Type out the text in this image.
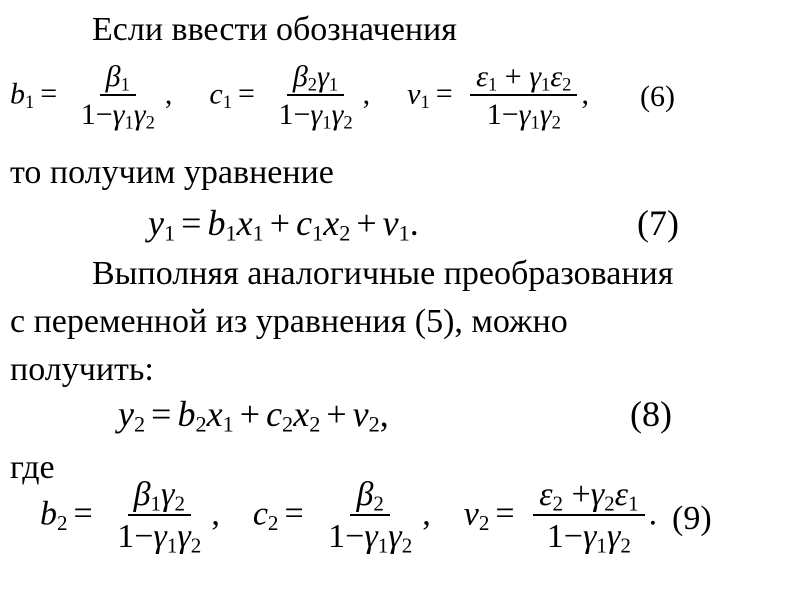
Если ввести обозначения
$b_1 = \frac{\beta_1}{1-\gamma_1\gamma_2}$ ,  $c_1 = \frac{\beta_2\gamma_1}{1-\gamma_1\gamma_2}$ ,  $\nu_1 = \frac{\varepsilon_1 + \gamma_1\varepsilon_2}{1-\gamma_1\gamma_2}$ , (6)
то получим уравнение
$y_1 = b_1x_1 + c_1x_2 + \nu_1$.	(7)
Выполняя аналогичные преобразования
с переменной из уравнения (5), можно
получить:
$y_2 = b_2x_1 + c_2x_2 + \nu_2$,	(8)
где
$b_2 = \frac{\beta_1\gamma_2}{1-\gamma_1\gamma_2}$ ,  $c_2 = \frac{\beta_2}{1-\gamma_1\gamma_2}$ ,  $\nu_2 = \frac{\varepsilon_2 +\gamma_2\varepsilon_1}{1-\gamma_1\gamma_2}$ . (9)
